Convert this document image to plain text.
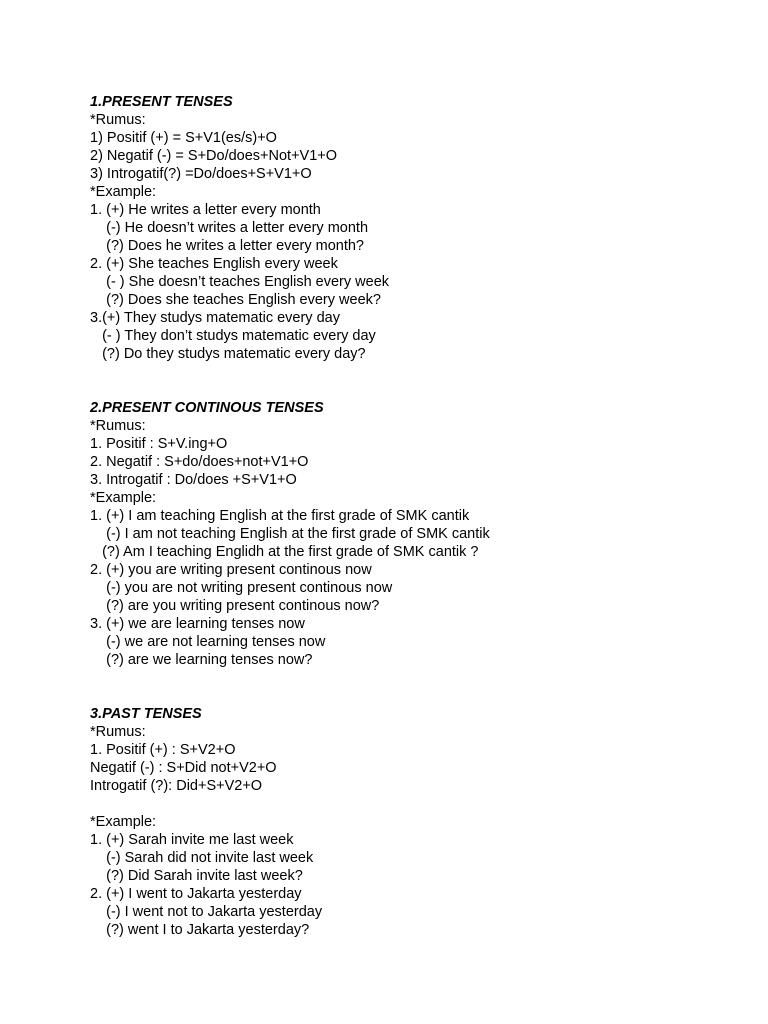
1.PRESENT TENSES
*Rumus:
1) Positif (+) = S+V1(es/s)+O
2) Negatif (-) = S+Do/does+Not+V1+O
3) Introgatif(?) =Do/does+S+V1+O
*Example:
1. (+) He writes a letter every month
(-) He doesn’t writes a letter every month
(?) Does he writes a letter every month?
2. (+) She teaches English every week
(- ) She doesn’t teaches English every week
(?) Does she teaches English every week?
3.(+) They studys matematic every day
(- ) They don’t studys matematic every day
(?) Do they studys matematic every day?
2.PRESENT CONTINOUS TENSES
*Rumus:
1. Positif : S+V.ing+O
2. Negatif : S+do/does+not+V1+O
3. Introgatif : Do/does +S+V1+O
*Example:
1. (+) I am teaching English at the first grade of SMK cantik
(-) I am not teaching English at the first grade of SMK cantik
(?) Am I teaching Englidh at the first grade of SMK cantik ?
2. (+) you are writing present continous now
(-) you are not writing present continous now
(?) are you writing present continous now?
3. (+) we are learning tenses now
(-) we are not learning tenses now
(?) are we learning tenses now?
3.PAST TENSES
*Rumus:
1. Positif (+) : S+V2+O
Negatif (-) : S+Did not+V2+O
Introgatif (?): Did+S+V2+O
*Example:
1. (+) Sarah invite me last week
(-) Sarah did not invite last week
(?) Did Sarah invite last week?
2. (+) I went to Jakarta yesterday
(-) I went not to Jakarta yesterday
(?) went I to Jakarta yesterday?
